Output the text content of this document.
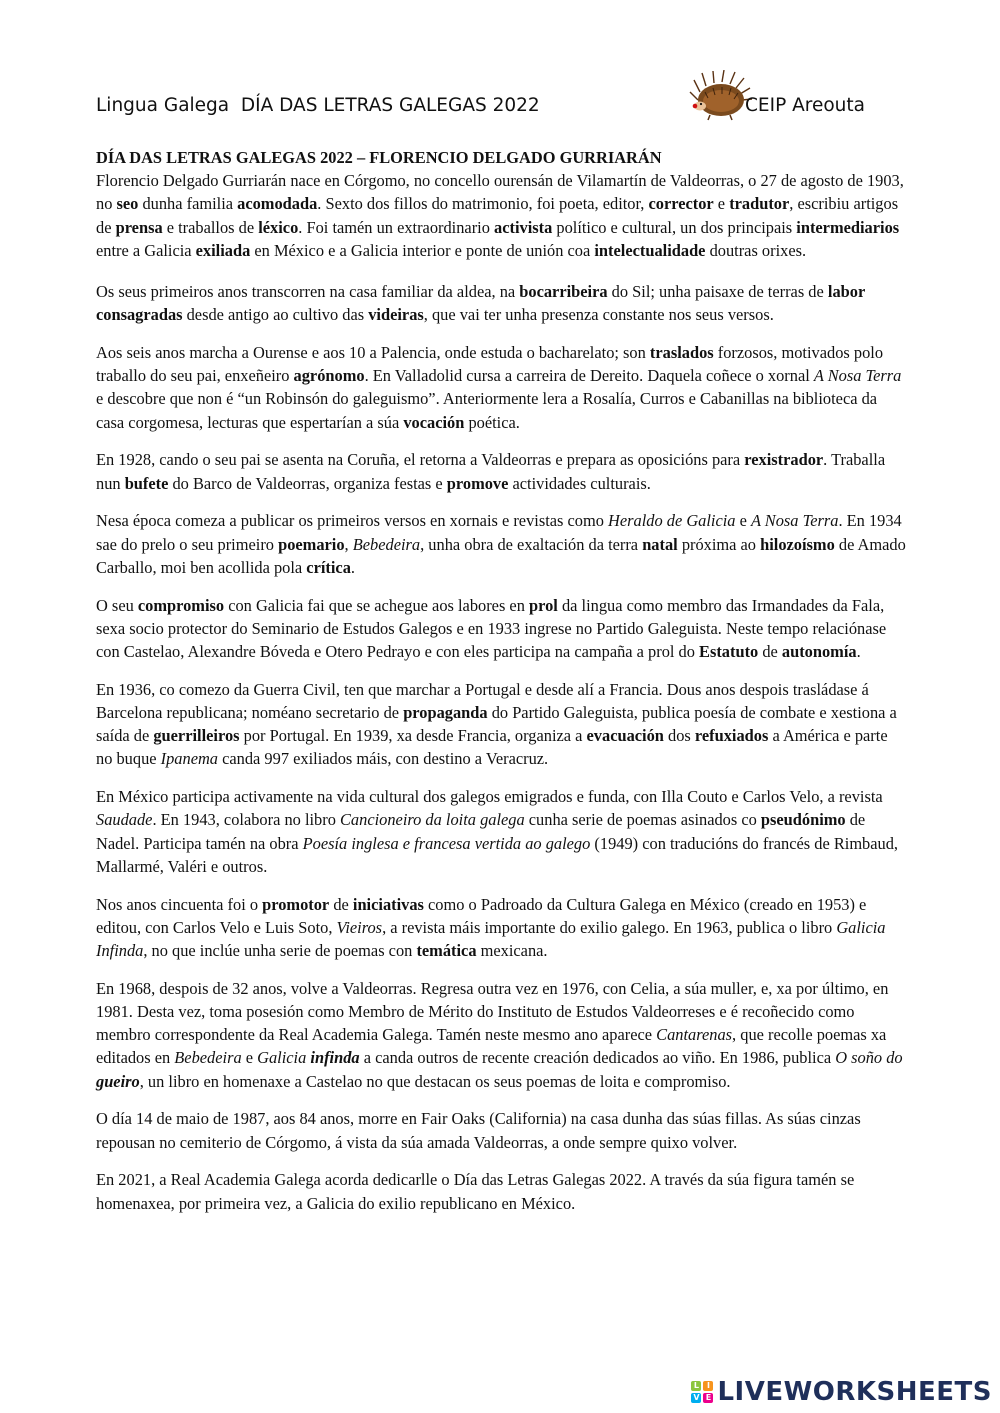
Lingua Galega  DÍA DAS LETRAS GALEGAS 2022	CEIP Areouta

DÍA DAS LETRAS GALEGAS 2022 – FLORENCIO DELGADO GURRIARÁN
Florencio Delgado Gurriarán nace en Córgomo, no concello ourensán de Vilamartín de Valdeorras, o 27 de agosto de 1903, no seo dunha familia acomodada. Sexto dos fillos do matrimonio, foi poeta, editor, corrector e tradutor, escribiu artigos de prensa e traballos de léxico. Foi tamén un extraordinario activista político e cultural, un dos principais intermediarios entre a Galicia exiliada en México e a Galicia interior e ponte de unión coa intelectualidade doutras orixes.

Os seus primeiros anos transcorren na casa familiar da aldea, na bocarribeira do Sil; unha paisaxe de terras de labor consagradas desde antigo ao cultivo das videiras, que vai ter unha presenza constante nos seus versos.

Aos seis anos marcha a Ourense e aos 10 a Palencia, onde estuda o bacharelato; son traslados forzosos, motivados polo traballo do seu pai, enxeñeiro agrónomo. En Valladolid cursa a carreira de Dereito. Daquela coñece o xornal A Nosa Terra e descobre que non é “un Robinsón do galeguismo”. Anteriormente lera a Rosalía, Curros e Cabanillas na biblioteca da casa corgomesa, lecturas que espertarían a súa vocación poética.

En 1928, cando o seu pai se asenta na Coruña, el retorna a Valdeorras e prepara as oposicións para rexistrador. Traballa nun bufete do Barco de Valdeorras, organiza festas e promove actividades culturais.

Nesa época comeza a publicar os primeiros versos en xornais e revistas como Heraldo de Galicia e A Nosa Terra. En 1934 sae do prelo o seu primeiro poemario, Bebedeira, unha obra de exaltación da terra natal próxima ao hilozoísmo de Amado Carballo, moi ben acollida pola crítica.

O seu compromiso con Galicia fai que se achegue aos labores en prol da lingua como membro das Irmandades da Fala, sexa socio protector do Seminario de Estudos Galegos e en 1933 ingrese no Partido Galeguista. Neste tempo relaciónase con Castelao, Alexandre Bóveda e Otero Pedrayo e con eles participa na campaña a prol do Estatuto de autonomía.

En 1936, co comezo da Guerra Civil, ten que marchar a Portugal e desde alí a Francia. Dous anos despois trasládase á Barcelona republicana; noméano secretario de propaganda do Partido Galeguista, publica poesía de combate e xestiona a saída de guerrilleiros por Portugal. En 1939, xa desde Francia, organiza a evacuación dos refuxiados a América e parte no buque Ipanema canda 997 exiliados máis, con destino a Veracruz.

En México participa activamente na vida cultural dos galegos emigrados e funda, con Illa Couto e Carlos Velo, a revista Saudade. En 1943, colabora no libro Cancioneiro da loita galega cunha serie de poemas asinados co pseudónimo de Nadel. Participa tamén na obra Poesía inglesa e francesa vertida ao galego (1949) con traducións do francés de Rimbaud, Mallarmé, Valéri e outros.

Nos anos cincuenta foi o promotor de iniciativas como o Padroado da Cultura Galega en México (creado en 1953) e editou, con Carlos Velo e Luis Soto, Vieiros, a revista máis importante do exilio galego. En 1963, publica o libro Galicia Infinda, no que inclúe unha serie de poemas con temática mexicana.

En 1968, despois de 32 anos, volve a Valdeorras. Regresa outra vez en 1976, con Celia, a súa muller, e, xa por último, en 1981. Desta vez, toma posesión como Membro de Mérito do Instituto de Estudos Valdeorreses e é recoñecido como membro correspondente da Real Academia Galega. Tamén neste mesmo ano aparece Cantarenas, que recolle poemas xa editados en Bebedeira e Galicia infinda a canda outros de recente creación dedicados ao viño. En 1986, publica O soño do gueiro, un libro en homenaxe a Castelao no que destacan os seus poemas de loita e compromiso.

O día 14 de maio de 1987, aos 84 anos, morre en Fair Oaks (California) na casa dunha das súas fillas. As súas cinzas repousan no cemiterio de Córgomo, á vista da súa amada Valdeorras, a onde sempre quixo volver.

En 2021, a Real Academia Galega acorda dedicarlle o Día das Letras Galegas 2022. A través da súa figura tamén se homenaxea, por primeira vez, a Galicia do exilio republicano en México.

L I
V E LIVEWORKSHEETS
